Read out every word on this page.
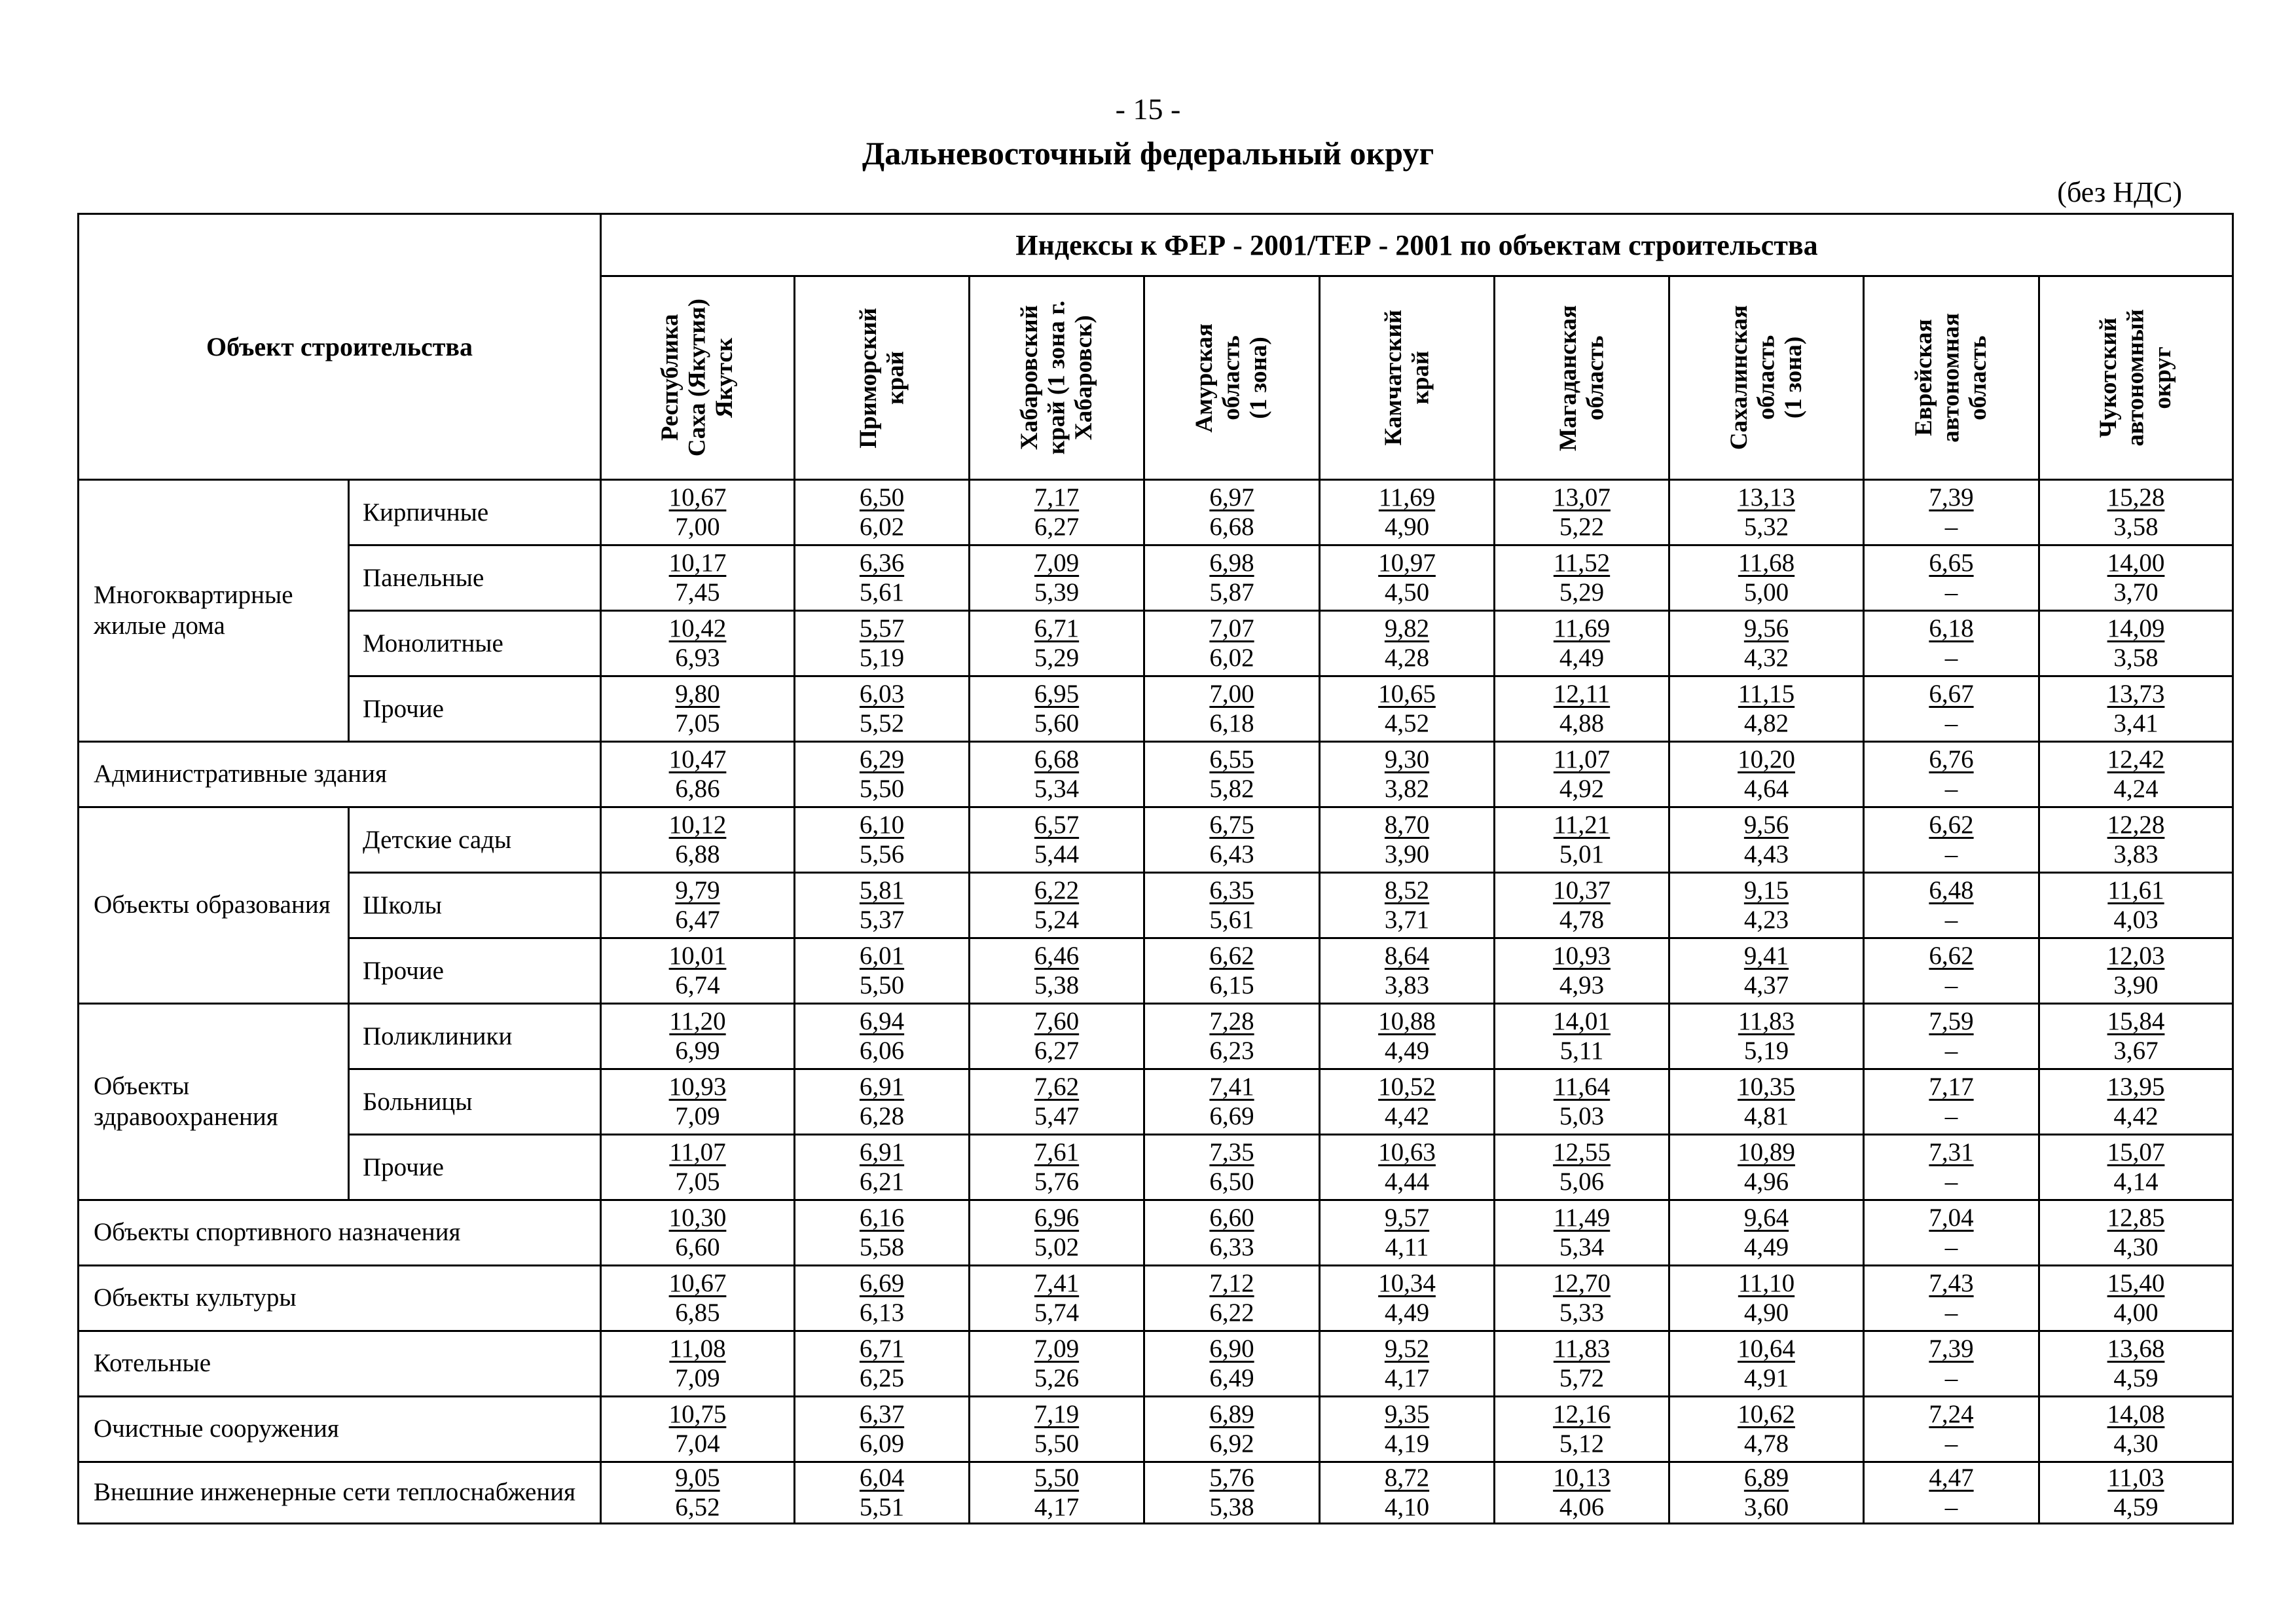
- 15 -
Дальневосточный федеральный округ
(без НДС)
Объект строительства		Индексы к ФЕР - 2001/ТЕР - 2001 по объектам строительства								

		Республика
Саха (Якутия)
Якутск	Приморский
край	Хабаровский
край (1 зона г.
Хабаровск)	Амурская
область
(1 зона)	Камчатский
край	Магаданская
область	Сахалинская
область
(1 зона)	Еврейская
автономная
область	Чукотский
автономный
округ

Многоквартирные жилые дома	Кирпичные	10,67
7,00	6,50
6,02	7,17
6,27	6,97
6,68	11,69
4,90	13,07
5,22	13,13
5,32	7,39
–	15,28
3,58

	Панельные	10,17
7,45	6,36
5,61	7,09
5,39	6,98
5,87	10,97
4,50	11,52
5,29	11,68
5,00	6,65
–	14,00
3,70

	Монолитные	10,42
6,93	5,57
5,19	6,71
5,29	7,07
6,02	9,82
4,28	11,69
4,49	9,56
4,32	6,18
–	14,09
3,58

	Прочие	9,80
7,05	6,03
5,52	6,95
5,60	7,00
6,18	10,65
4,52	12,11
4,88	11,15
4,82	6,67
–	13,73
3,41

Административные здания		10,47
6,86	6,29
5,50	6,68
5,34	6,55
5,82	9,30
3,82	11,07
4,92	10,20
4,64	6,76
–	12,42
4,24

Объекты образования	Детские сады	10,12
6,88	6,10
5,56	6,57
5,44	6,75
6,43	8,70
3,90	11,21
5,01	9,56
4,43	6,62
–	12,28
3,83

	Школы	9,79
6,47	5,81
5,37	6,22
5,24	6,35
5,61	8,52
3,71	10,37
4,78	9,15
4,23	6,48
–	11,61
4,03

	Прочие	10,01
6,74	6,01
5,50	6,46
5,38	6,62
6,15	8,64
3,83	10,93
4,93	9,41
4,37	6,62
–	12,03
3,90

Объекты здравоохранения	Поликлиники	11,20
6,99	6,94
6,06	7,60
6,27	7,28
6,23	10,88
4,49	14,01
5,11	11,83
5,19	7,59
–	15,84
3,67

	Больницы	10,93
7,09	6,91
6,28	7,62
5,47	7,41
6,69	10,52
4,42	11,64
5,03	10,35
4,81	7,17
–	13,95
4,42

	Прочие	11,07
7,05	6,91
6,21	7,61
5,76	7,35
6,50	10,63
4,44	12,55
5,06	10,89
4,96	7,31
–	15,07
4,14

Объекты спортивного назначения		10,30
6,60	6,16
5,58	6,96
5,02	6,60
6,33	9,57
4,11	11,49
5,34	9,64
4,49	7,04
–	12,85
4,30

Объекты культуры		10,67
6,85	6,69
6,13	7,41
5,74	7,12
6,22	10,34
4,49	12,70
5,33	11,10
4,90	7,43
–	15,40
4,00

Котельные		11,08
7,09	6,71
6,25	7,09
5,26	6,90
6,49	9,52
4,17	11,83
5,72	10,64
4,91	7,39
–	13,68
4,59

Очистные сооружения		10,75
7,04	6,37
6,09	7,19
5,50	6,89
6,92	9,35
4,19	12,16
5,12	10,62
4,78	7,24
–	14,08
4,30

Внешние инженерные сети теплоснабжения		9,05
6,52	6,04
5,51	5,50
4,17	5,76
5,38	8,72
4,10	10,13
4,06	6,89
3,60	4,47
–	11,03
4,59
